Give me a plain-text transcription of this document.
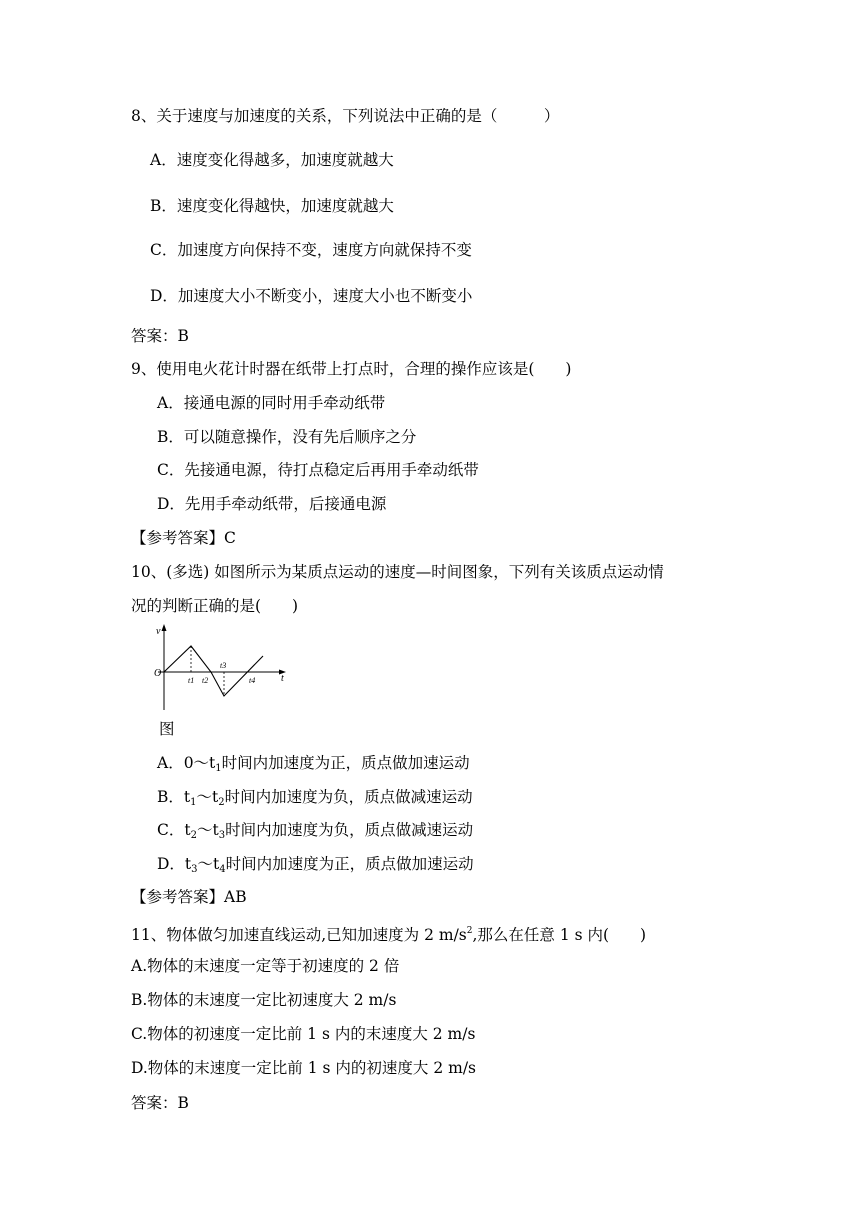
8、关于速度与加速度的关系，下列说法中正确的是（　　　）
A．速度变化得越多，加速度就越大
B．速度变化得越快，加速度就越大
C．加速度方向保持不变，速度方向就保持不变
D．加速度大小不断变小，速度大小也不断变小
答案：B
9、使用电火花计时器在纸带上打点时，合理的操作应该是(　　)
A．接通电源的同时用手牵动纸带
B．可以随意操作，没有先后顺序之分
C．先接通电源，待打点稳定后再用手牵动纸带
D．先用手牵动纸带，后接通电源
【参考答案】C
10、(多选) 如图所示为某质点运动的速度—时间图象，下列有关该质点运动情
况的判断正确的是(　　)
v
O	t
t1 t2
t3
t4
图
A．$0\sim t_1$时间内加速度为正，质点做加速运动
B．$t_1\sim t_2$时间内加速度为负，质点做减速运动
C．$t_2\sim t_3$时间内加速度为负，质点做减速运动
D．$t_3\sim t_4$时间内加速度为正，质点做加速运动
【参考答案】AB
11、物体做匀加速直线运动,已知加速度为 2 $m/s^2$,那么在任意 1 s 内(　　)
A.物体的末速度一定等于初速度的 2 倍
B.物体的末速度一定比初速度大 2 m/s
C.物体的初速度一定比前 1 s 内的末速度大 2 m/s
D.物体的末速度一定比前 1 s 内的初速度大 2 m/s
答案：B
